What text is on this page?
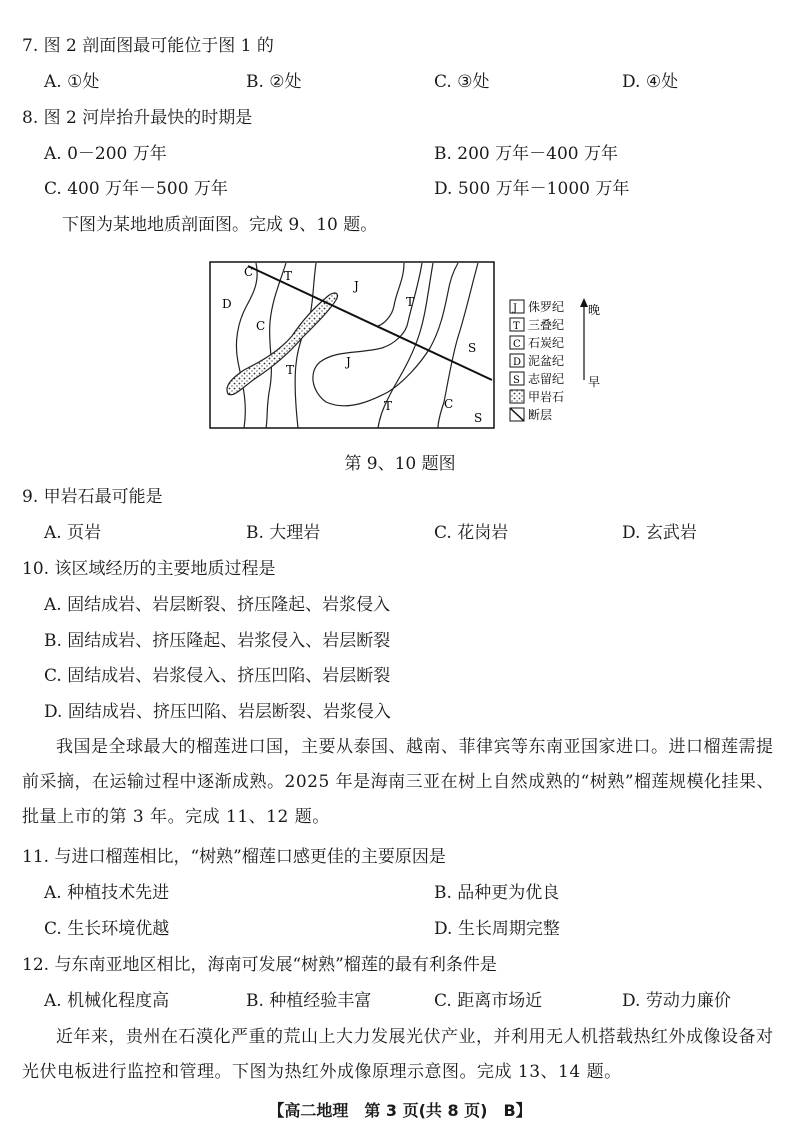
7. 图 2 剖面图最可能位于图 1 的
A. ①处	B. ②处	C. ③处	D. ④处
8. 图 2 河岸抬升最快的时期是
A. 0－200 万年	B. 200 万年－400 万年
C. 400 万年－500 万年	D. 500 万年－1000 万年
下图为某地地质剖面图。完成 9、10 题。
C	T
D
J
T
C
S
T
J
T	C
S
J 侏罗纪
T 三叠纪
C 石炭纪
D 泥盆纪
S 志留纪
甲岩石
断层
晚
早
第 9、10 题图
9. 甲岩石最可能是
A. 页岩	B. 大理岩	C. 花岗岩	D. 玄武岩
10. 该区域经历的主要地质过程是
A. 固结成岩、岩层断裂、挤压隆起、岩浆侵入
B. 固结成岩、挤压隆起、岩浆侵入、岩层断裂
C. 固结成岩、岩浆侵入、挤压凹陷、岩层断裂
D. 固结成岩、挤压凹陷、岩层断裂、岩浆侵入
我国是全球最大的榴莲进口国，主要从泰国、越南、菲律宾等东南亚国家进口。进口榴莲需提前采摘，在运输过程中逐渐成熟。2025 年是海南三亚在树上自然成熟的“树熟”榴莲规模化挂果、批量上市的第 3 年。完成 11、12 题。
11. 与进口榴莲相比，“树熟”榴莲口感更佳的主要原因是
A. 种植技术先进	B. 品种更为优良
C. 生长环境优越	D. 生长周期完整
12. 与东南亚地区相比，海南可发展“树熟”榴莲的最有利条件是
A. 机械化程度高	B. 种植经验丰富	C. 距离市场近	D. 劳动力廉价
近年来，贵州在石漠化严重的荒山上大力发展光伏产业，并利用无人机搭载热红外成像设备对光伏电板进行监控和管理。下图为热红外成像原理示意图。完成 13、14 题。
【高二地理　第 3 页(共 8 页)　B】
